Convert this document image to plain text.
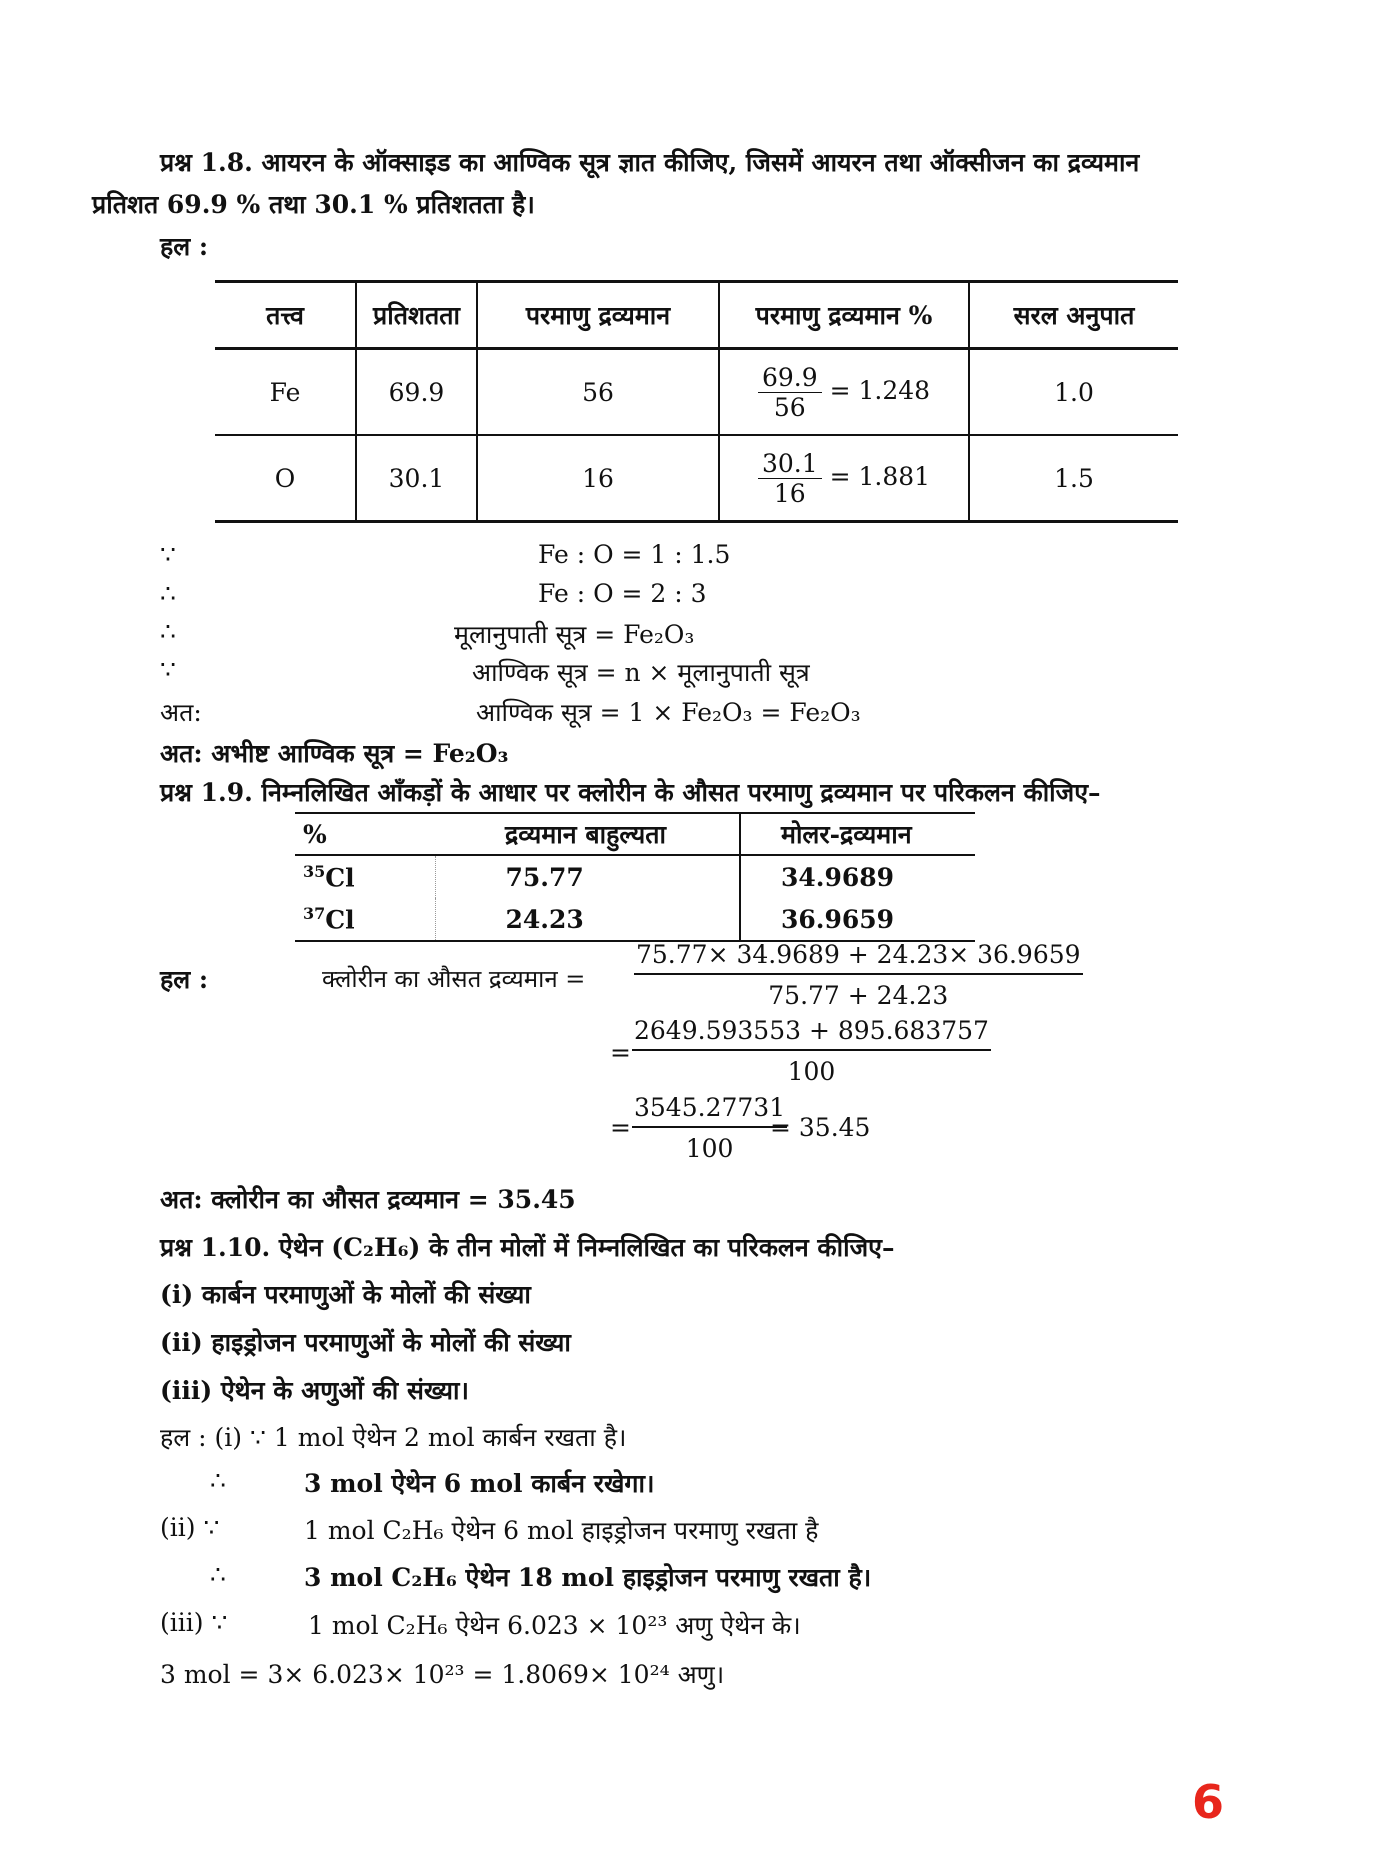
प्रश्न 1.8. आयरन के ऑक्साइड का आण्विक सूत्र ज्ञात कीजिए, जिसमें आयरन तथा ऑक्सीजन का द्रव्यमान
प्रतिशत 69.9 % तथा 30.1 % प्रतिशतता है।
हल :
तत्त्व	प्रतिशतता	परमाणु द्रव्यमान	परमाणु द्रव्यमान %	सरल अनुपात
Fe	69.9	56	$\frac{69.9}{56} = 1.248$	1.0
O	30.1	16	$\frac{30.1}{16} = 1.881$	1.5
∵	Fe : O = 1 : 1.5
∴	Fe : O = 2 : 3
∴	मूलानुपाती सूत्र = Fe₂O₃
∵	आण्विक सूत्र = n × मूलानुपाती सूत्र
अत:	आण्विक सूत्र = 1 × Fe₂O₃ = Fe₂O₃
अत: अभीष्ट आण्विक सूत्र = Fe₂O₃
प्रश्न 1.9. निम्नलिखित आँकड़ों के आधार पर क्लोरीन के औसत परमाणु द्रव्यमान पर परिकलन कीजिए–
%	द्रव्यमान बाहुल्यता	मोलर-द्रव्यमान
$^{35}$Cl	75.77	34.9689
$^{37}$Cl	24.23	36.9659
हल :	क्लोरीन का औसत द्रव्यमान = $\frac{75.77\times 34.9689 + 24.23\times 36.9659}{75.77 + 24.23}$
= $\frac{2649.593553 + 895.683757}{100}$
= $\frac{3545.27731}{100}$
= 35.45
अत: क्लोरीन का औसत द्रव्यमान = 35.45
प्रश्न 1.10. ऐथेन (C₂H₆) के तीन मोलों में निम्नलिखित का परिकलन कीजिए–
(i) कार्बन परमाणुओं के मोलों की संख्या
(ii) हाइड्रोजन परमाणुओं के मोलों की संख्या
(iii) ऐथेन के अणुओं की संख्या।
हल : (i) ∵ 1 mol ऐथेन 2 mol कार्बन रखता है।
∴	3 mol ऐथेन 6 mol कार्बन रखेगा।
(ii) ∵	1 mol C₂H₆ ऐथेन 6 mol हाइड्रोजन परमाणु रखता है
∴	3 mol C₂H₆ ऐथेन 18 mol हाइड्रोजन परमाणु रखता है।
(iii) ∵	1 mol C₂H₆ ऐथेन 6.023 × 10²³ अणु ऐथेन के।
3 mol = 3× 6.023× 10²³ = 1.8069× 10²⁴ अणु।
6
